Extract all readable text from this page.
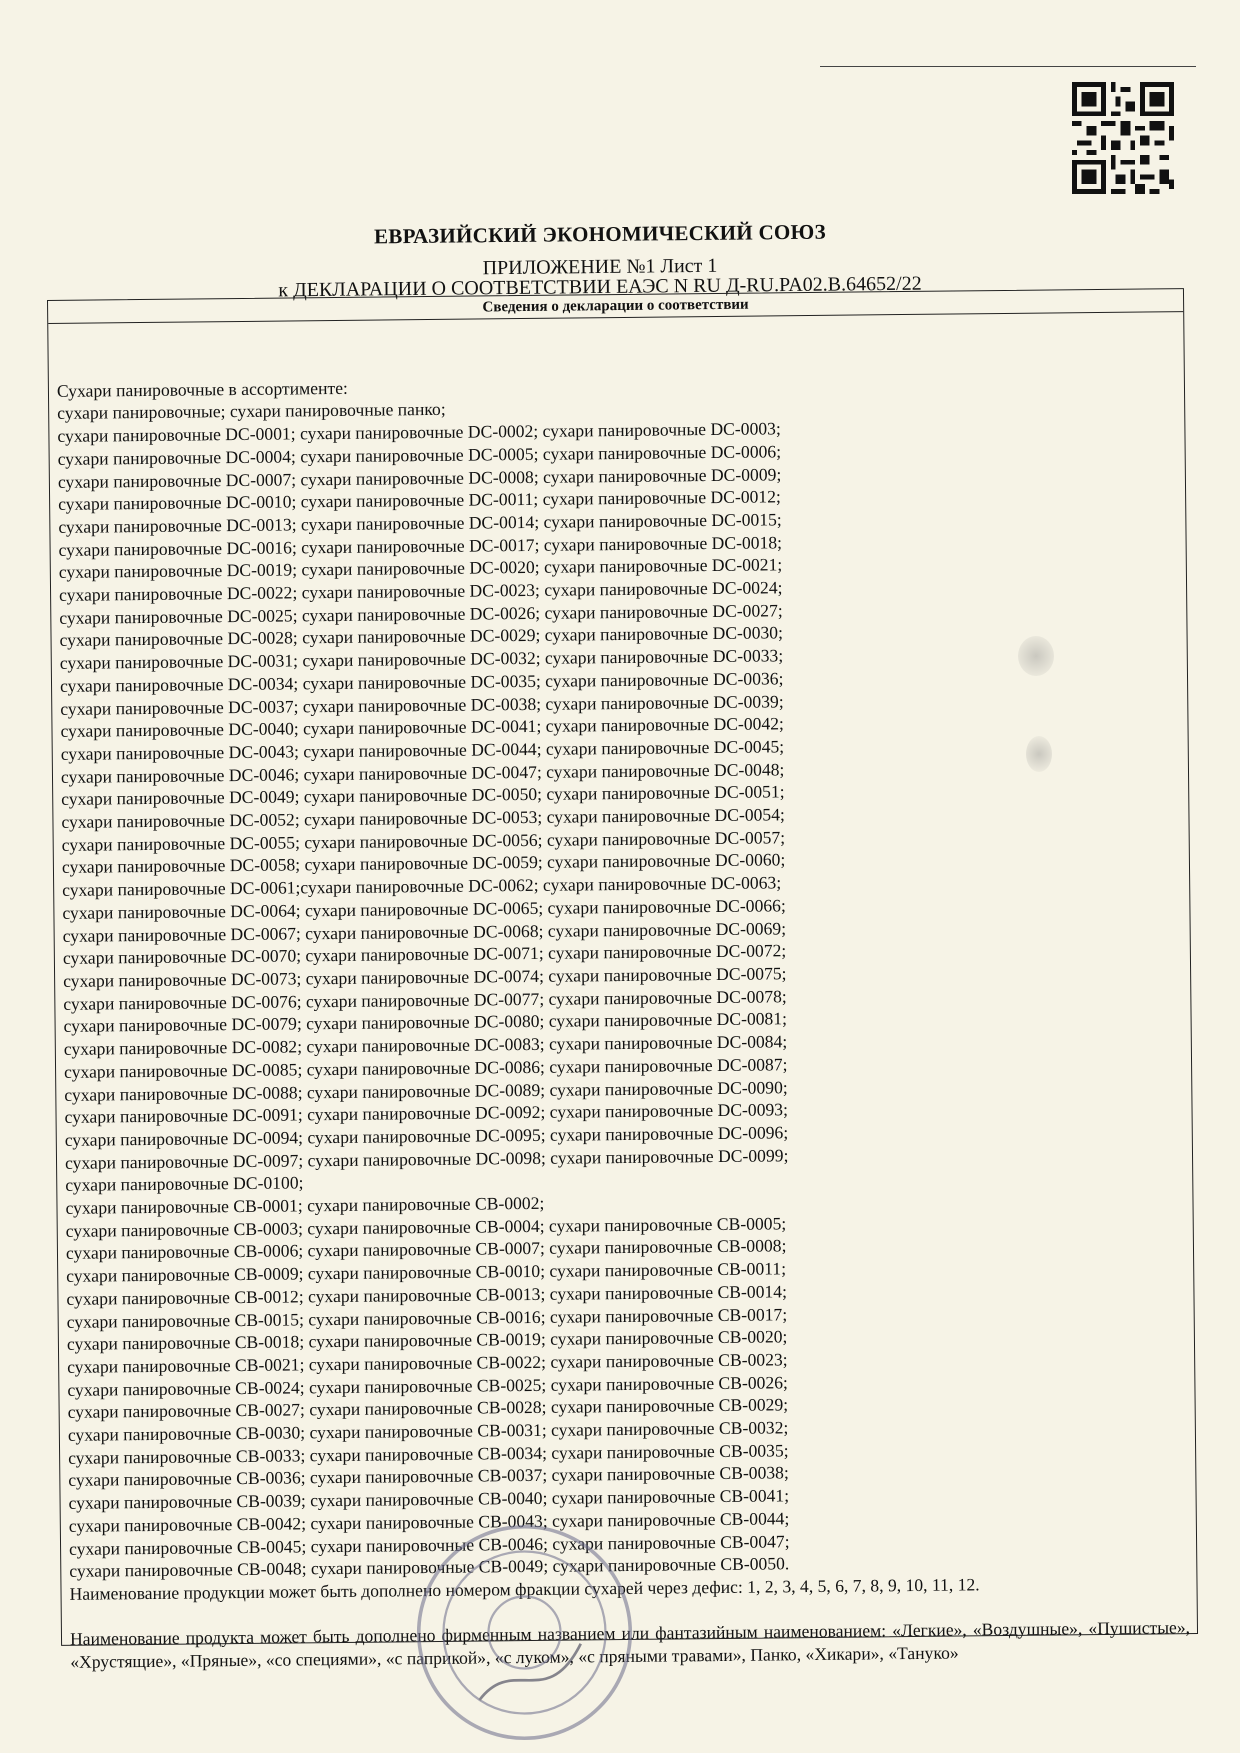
ЕВРАЗИЙСКИЙ ЭКОНОМИЧЕСКИЙ СОЮЗ
ПРИЛОЖЕНИЕ №1 Лист 1
к ДЕКЛАРАЦИИ О СООТВЕТСТВИИ ЕАЭС N RU Д-RU.PA02.B.64652/22
Сведения о декларации о соответствии

Сухари панировочные в ассортименте:

сухари панировочные; сухари панировочные панко;

сухари панировочные DC-0001; сухари панировочные DC-0002; сухари панировочные DC-0003;

сухари панировочные DC-0004; сухари панировочные DC-0005; сухари панировочные DC-0006;

сухари панировочные DC-0007; сухари панировочные DC-0008; сухари панировочные DC-0009;

сухари панировочные DC-0010; сухари панировочные DC-0011; сухари панировочные DC-0012;

сухари панировочные DC-0013; сухари панировочные DC-0014; сухари панировочные DC-0015;

сухари панировочные DC-0016; сухари панировочные DC-0017; сухари панировочные DC-0018;

сухари панировочные DC-0019; сухари панировочные DC-0020; сухари панировочные DC-0021;

сухари панировочные DC-0022; сухари панировочные DC-0023; сухари панировочные DC-0024;

сухари панировочные DC-0025; сухари панировочные DC-0026; сухари панировочные DC-0027;

сухари панировочные DC-0028; сухари панировочные DC-0029; сухари панировочные DC-0030;

сухари панировочные DC-0031; сухари панировочные DC-0032; сухари панировочные DC-0033;

сухари панировочные DC-0034; сухари панировочные DC-0035; сухари панировочные DC-0036;

сухари панировочные DC-0037; сухари панировочные DC-0038; сухари панировочные DC-0039;

сухари панировочные DC-0040; сухари панировочные DC-0041; сухари панировочные DC-0042;

сухари панировочные DC-0043; сухари панировочные DC-0044; сухари панировочные DC-0045;

сухари панировочные DC-0046; сухари панировочные DC-0047; сухари панировочные DC-0048;

сухари панировочные DC-0049; сухари панировочные DC-0050; сухари панировочные DC-0051;

сухари панировочные DC-0052; сухари панировочные DC-0053; сухари панировочные DC-0054;

сухари панировочные DC-0055; сухари панировочные DC-0056; сухари панировочные DC-0057;

сухари панировочные DC-0058; сухари панировочные DC-0059; сухари панировочные DC-0060;

сухари панировочные DC-0061;сухари панировочные DC-0062; сухари панировочные DC-0063;

сухари панировочные DC-0064; сухари панировочные DC-0065; сухари панировочные DC-0066;

сухари панировочные DC-0067; сухари панировочные DC-0068; сухари панировочные DC-0069;

сухари панировочные DC-0070; сухари панировочные DC-0071; сухари панировочные DC-0072;

сухари панировочные DC-0073; сухари панировочные DC-0074; сухари панировочные DC-0075;

сухари панировочные DC-0076; сухари панировочные DC-0077; сухари панировочные DC-0078;

сухари панировочные DC-0079; сухари панировочные DC-0080; сухари панировочные DC-0081;

сухари панировочные DC-0082; сухари панировочные DC-0083; сухари панировочные DC-0084;

сухари панировочные DC-0085; сухари панировочные DC-0086; сухари панировочные DC-0087;

сухари панировочные DC-0088; сухари панировочные DC-0089; сухари панировочные DC-0090;

сухари панировочные DC-0091; сухари панировочные DC-0092; сухари панировочные DC-0093;

сухари панировочные DC-0094; сухари панировочные DC-0095; сухари панировочные DC-0096;

сухари панировочные DC-0097; сухари панировочные DC-0098; сухари панировочные DC-0099;

сухари панировочные DC-0100;

сухари панировочные CB-0001; сухари панировочные CB-0002;

сухари панировочные CB-0003; сухари панировочные CB-0004; сухари панировочные CB-0005;

сухари панировочные CB-0006; сухари панировочные CB-0007; сухари панировочные CB-0008;

сухари панировочные CB-0009; сухари панировочные CB-0010; сухари панировочные CB-0011;

сухари панировочные CB-0012; сухари панировочные CB-0013; сухари панировочные CB-0014;

сухари панировочные CB-0015; сухари панировочные CB-0016; сухари панировочные CB-0017;

сухари панировочные CB-0018; сухари панировочные CB-0019; сухари панировочные CB-0020;

сухари панировочные CB-0021; сухари панировочные CB-0022; сухари панировочные CB-0023;

сухари панировочные CB-0024; сухари панировочные CB-0025; сухари панировочные CB-0026;

сухари панировочные CB-0027; сухари панировочные CB-0028; сухари панировочные CB-0029;

сухари панировочные CB-0030; сухари панировочные CB-0031; сухари панировочные CB-0032;

сухари панировочные CB-0033; сухари панировочные CB-0034; сухари панировочные CB-0035;

сухари панировочные CB-0036; сухари панировочные CB-0037; сухари панировочные CB-0038;

сухари панировочные CB-0039; сухари панировочные CB-0040; сухари панировочные CB-0041;

сухари панировочные CB-0042; сухари панировочные CB-0043; сухари панировочные CB-0044;

сухари панировочные CB-0045; сухари панировочные CB-0046; сухари панировочные CB-0047;

сухари панировочные CB-0048; сухари панировочные CB-0049; сухари панировочные CB-0050.

Наименование продукции может быть дополнено номером фракции сухарей через дефис: 1, 2, 3, 4, 5, 6, 7, 8, 9, 10, 11, 12.

Наименование продукта может быть дополнено фирменным названием или фантазийным наименованием: «Легкие», «Воздушные», «Пушистые», «Хрустящие», «Пряные», «со специями», «с паприкой», «с луком», «с пряными травами», Панко, «Хикари», «Тануко»
